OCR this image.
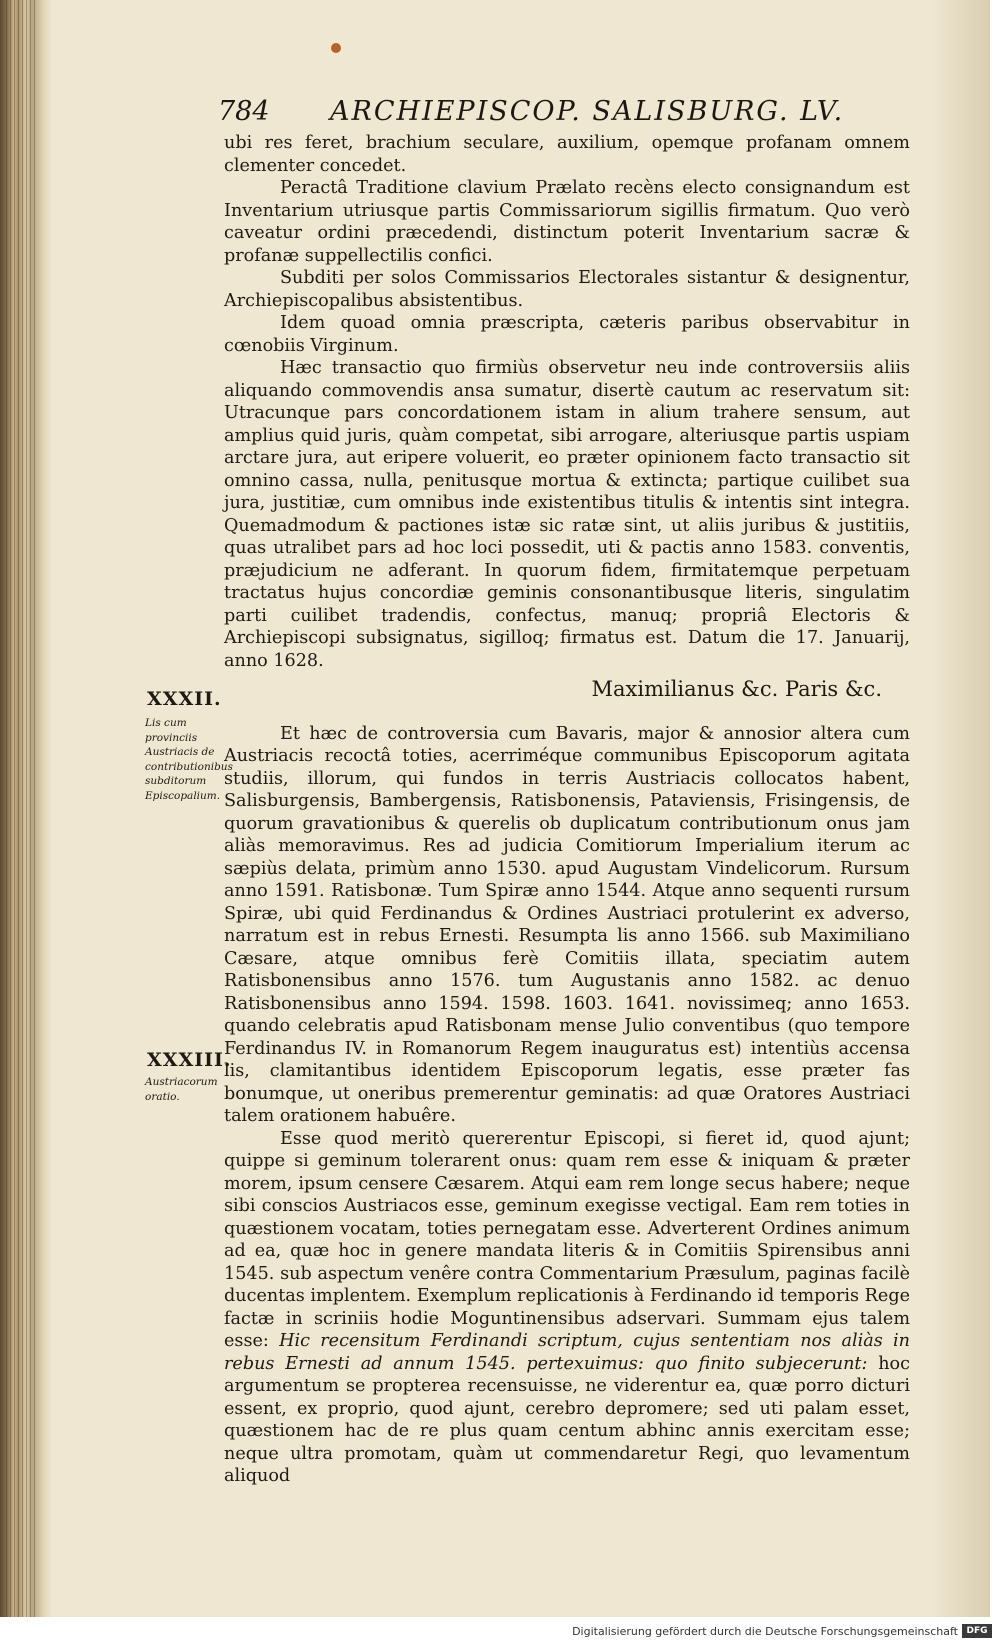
784 ARCHIEPISCOP. SALISBURG. LV.
XXXII.
Lis cum provinciis Austriacis de contributionibus subditorum Episcopalium.
XXXIII.
Austriacorum oratio.

ubi res feret, brachium seculare, auxilium, opemque profanam omnem clementer concedet.

Peractâ Traditione clavium Prælato recèns electo consignandum est Inventarium utriusque partis Commissariorum sigillis firmatum. Quo verò caveatur ordini præcedendi, distinctum poterit Inventarium sacræ & profanæ suppellectilis confici.

Subditi per solos Commissarios Electorales sistantur & designentur, Archiepiscopalibus absistentibus.

Idem quoad omnia præscripta, cæteris paribus observabitur in cœnobiis Virginum.

Hæc transactio quo firmiùs observetur neu inde controversiis aliis aliquando commovendis ansa sumatur, disertè cautum ac reservatum sit: Utracunque pars concordationem istam in alium trahere sensum, aut amplius quid juris, quàm competat, sibi arrogare, alteriusque partis uspiam arctare jura, aut eripere voluerit, eo præter opinionem facto transactio sit omnino cassa, nulla, penitusque mortua & extincta; partique cuilibet sua jura, justitiæ, cum omnibus inde existentibus titulis & intentis sint integra. Quemadmodum & pactiones istæ sic ratæ sint, ut aliis juribus & justitiis, quas utralibet pars ad hoc loci possedit, uti & pactis anno 1583. conventis, præjudicium ne adferant. In quorum fidem, firmitatemque perpetuam tractatus hujus concordiæ geminis consonantibusque literis, singulatim parti cuilibet tradendis, confectus, manuq; propriâ Electoris & Archiepiscopi subsignatus, sigilloq; firmatus est. Datum die 17. Januarij, anno 1628.

Maximilianus &c. Paris &c.

Et hæc de controversia cum Bavaris, major & annosior altera cum Austriacis recoctâ toties, acerriméque communibus Episcoporum agitata studiis, illorum, qui fundos in terris Austriacis collocatos habent, Salisburgensis, Bambergensis, Ratisbonensis, Pataviensis, Frisingensis, de quorum gravationibus & querelis ob duplicatum contributionum onus jam aliàs memoravimus. Res ad judicia Comitiorum Imperialium iterum ac sæpiùs delata, primùm anno 1530. apud Augustam Vindelicorum. Rursum anno 1591. Ratisbonæ. Tum Spiræ anno 1544. Atque anno sequenti rursum Spiræ, ubi quid Ferdinandus & Ordines Austriaci protulerint ex adverso, narratum est in rebus Ernesti. Resumpta lis anno 1566. sub Maximiliano Cæsare, atque omnibus ferè Comitiis illata, speciatim autem Ratisbonensibus anno 1576. tum Augustanis anno 1582. ac denuo Ratisbonensibus anno 1594. 1598. 1603. 1641. novissimeq; anno 1653. quando celebratis apud Ratisbonam mense Julio conventibus (quo tempore Ferdinandus IV. in Romanorum Regem inauguratus est) intentiùs accensa lis, clamitantibus identidem Episcoporum legatis, esse præter fas bonumque, ut oneribus premerentur geminatis: ad quæ Oratores Austriaci talem orationem habuêre.

Esse quod meritò quererentur Episcopi, si fieret id, quod ajunt; quippe si geminum tolerarent onus: quam rem esse & iniquam & præter morem, ipsum censere Cæsarem. Atqui eam rem longe secus habere; neque sibi conscios Austriacos esse, geminum exegisse vectigal. Eam rem toties in quæstionem vocatam, toties pernegatam esse. Adverterent Ordines animum ad ea, quæ hoc in genere mandata literis & in Comitiis Spirensibus anni 1545. sub aspectum venêre contra Commentarium Præsulum, paginas facilè ducentas implentem. Exemplum replicationis à Ferdinando id temporis Rege factæ in scriniis hodie Moguntinensibus adservari. Summam ejus talem esse: Hic recensitum Ferdinandi scriptum, cujus sententiam nos aliàs in rebus Ernesti ad annum 1545. pertexuimus: quo finito subjecerunt: hoc argumentum se propterea recensuisse, ne viderentur ea, quæ porro dicturi essent, ex proprio, quod ajunt, cerebro depromere; sed uti palam esset, quæstionem hac de re plus quam centum abhinc annis exercitam esse; neque ultra promotam, quàm ut commendaretur Regi, quo levamentum aliquod

Digitalisierung gefördert durch die Deutsche Forschungsgemeinschaft DFG
